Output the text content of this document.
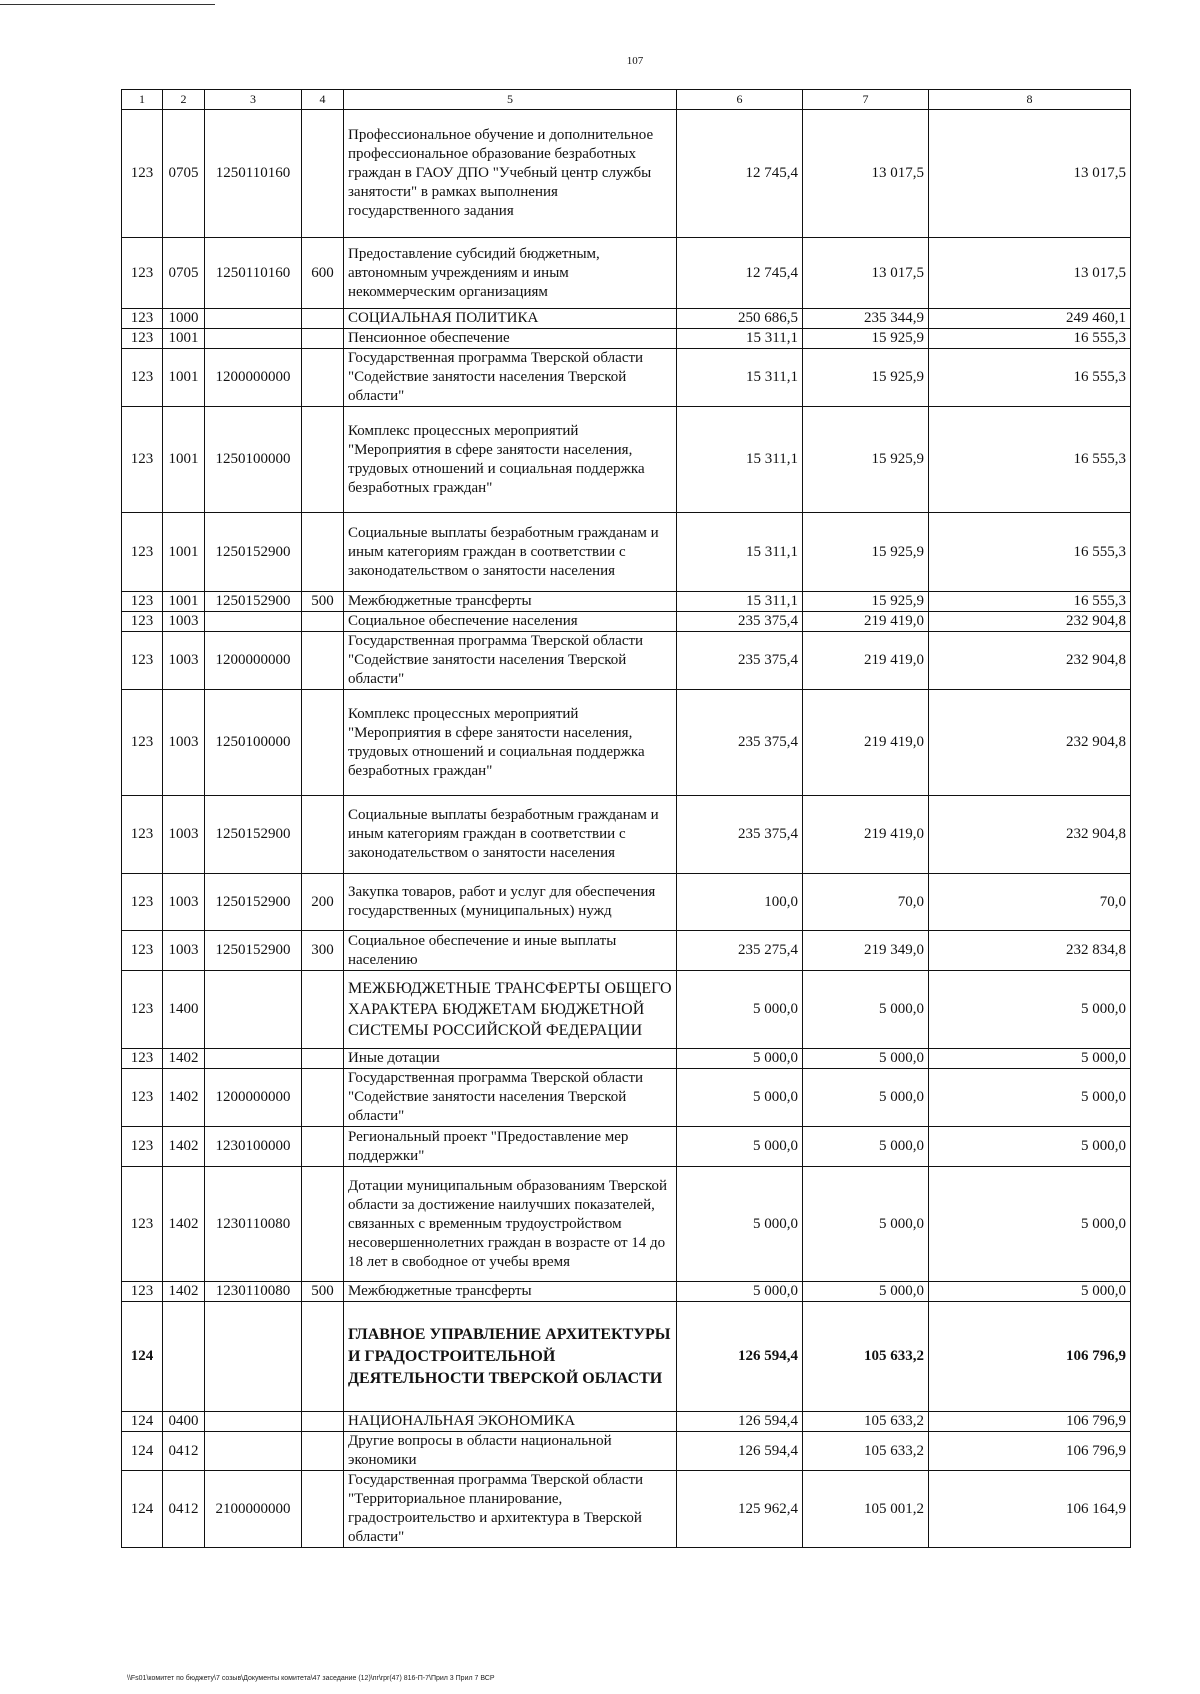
107
1	2	3	4	5	6	7	8
123	0705	1250110160		Профессиональное обучение и дополнительное профессиональное образование безработных граждан в ГАОУ ДПО "Учебный центр службы занятости" в рамках выполнения государственного задания	12 745,4	13 017,5	13 017,5
123	0705	1250110160	600	Предоставление субсидий бюджетным, автономным учреждениям и иным некоммерческим организациям	12 745,4	13 017,5	13 017,5
123	1000			СОЦИАЛЬНАЯ ПОЛИТИКА	250 686,5	235 344,9	249 460,1
123	1001			Пенсионное обеспечение	15 311,1	15 925,9	16 555,3
123	1001	1200000000		Государственная программа Тверской области "Содействие занятости населения Тверской области"	15 311,1	15 925,9	16 555,3
123	1001	1250100000		Комплекс процессных мероприятий "Мероприятия в сфере занятости населения, трудовых отношений и социальная поддержка безработных граждан"	15 311,1	15 925,9	16 555,3
123	1001	1250152900		Социальные выплаты безработным гражданам и иным категориям граждан в соответствии с законодательством о занятости населения	15 311,1	15 925,9	16 555,3
123	1001	1250152900	500	Межбюджетные трансферты	15 311,1	15 925,9	16 555,3
123	1003			Социальное обеспечение населения	235 375,4	219 419,0	232 904,8
123	1003	1200000000		Государственная программа Тверской области "Содействие занятости населения Тверской области"	235 375,4	219 419,0	232 904,8
123	1003	1250100000		Комплекс процессных мероприятий "Мероприятия в сфере занятости населения, трудовых отношений и социальная поддержка безработных граждан"	235 375,4	219 419,0	232 904,8
123	1003	1250152900		Социальные выплаты безработным гражданам и иным категориям граждан в соответствии с законодательством о занятости населения	235 375,4	219 419,0	232 904,8
123	1003	1250152900	200	Закупка товаров, работ и услуг для обеспечения государственных (муниципальных) нужд	100,0	70,0	70,0
123	1003	1250152900	300	Социальное обеспечение и иные выплаты населению	235 275,4	219 349,0	232 834,8
123	1400			МЕЖБЮДЖЕТНЫЕ ТРАНСФЕРТЫ ОБЩЕГО ХАРАКТЕРА БЮДЖЕТАМ БЮДЖЕТНОЙ СИСТЕМЫ РОССИЙСКОЙ ФЕДЕРАЦИИ	5 000,0	5 000,0	5 000,0
123	1402			Иные дотации	5 000,0	5 000,0	5 000,0
123	1402	1200000000		Государственная программа Тверской области "Содействие занятости населения Тверской области"	5 000,0	5 000,0	5 000,0
123	1402	1230100000		Региональный проект "Предоставление мер поддержки"	5 000,0	5 000,0	5 000,0
123	1402	1230110080		Дотации муниципальным образованиям Тверской области за достижение наилучших показателей, связанных с временным трудоустройством несовершеннолетних граждан в возрасте от 14 до 18 лет в свободное от учебы время	5 000,0	5 000,0	5 000,0
123	1402	1230110080	500	Межбюджетные трансферты	5 000,0	5 000,0	5 000,0
124				ГЛАВНОЕ УПРАВЛЕНИЕ АРХИТЕКТУРЫ И ГРАДОСТРОИТЕЛЬНОЙ ДЕЯТЕЛЬНОСТИ ТВЕРСКОЙ ОБЛАСТИ	126 594,4	105 633,2	106 796,9
124	0400			НАЦИОНАЛЬНАЯ ЭКОНОМИКА	126 594,4	105 633,2	106 796,9
124	0412			Другие вопросы в области национальной экономики	126 594,4	105 633,2	106 796,9
124	0412	2100000000		Государственная программа Тверской области "Территориальное планирование, градостроительство и архитектура в Тверской области"	125 962,4	105 001,2	106 164,9
\\Fs01\комитет по бюджету\7 созыв\Документы комитета\47 заседание (12)\пr\rpr(47) 816-П-7\Прил 3 Прил 7 ВСР
